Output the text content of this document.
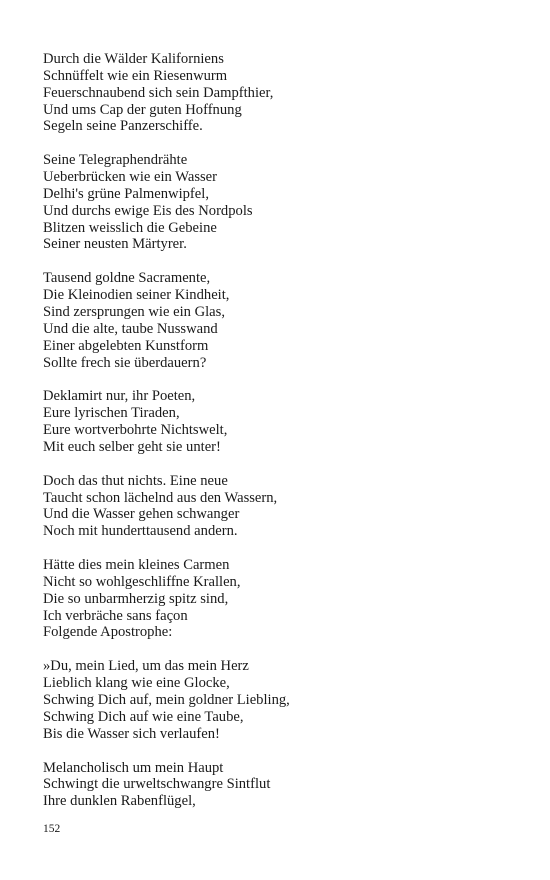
Durch die Wälder Kaliforniens
Schnüffelt wie ein Riesenwurm
Feuerschnaubend sich sein Dampfthier,
Und ums Cap der guten Hoffnung
Segeln seine Panzerschiffe.
Seine Telegraphendrähte
Ueberbrücken wie ein Wasser
Delhi's grüne Palmenwipfel,
Und durchs ewige Eis des Nordpols
Blitzen weisslich die Gebeine
Seiner neusten Märtyrer.
Tausend goldne Sacramente,
Die Kleinodien seiner Kindheit,
Sind zersprungen wie ein Glas,
Und die alte, taube Nusswand
Einer abgelebten Kunstform
Sollte frech sie überdauern?
Deklamirt nur, ihr Poeten,
Eure lyrischen Tiraden,
Eure wortverbohrte Nichtswelt,
Mit euch selber geht sie unter!
Doch das thut nichts. Eine neue
Taucht schon lächelnd aus den Wassern,
Und die Wasser gehen schwanger
Noch mit hunderttausend andern.
Hätte dies mein kleines Carmen
Nicht so wohlgeschliffne Krallen,
Die so unbarmherzig spitz sind,
Ich verbräche sans façon
Folgende Apostrophe:
»Du, mein Lied, um das mein Herz
Lieblich klang wie eine Glocke,
Schwing Dich auf, mein goldner Liebling,
Schwing Dich auf wie eine Taube,
Bis die Wasser sich verlaufen!
Melancholisch um mein Haupt
Schwingt die urweltschwangre Sintflut
Ihre dunklen Rabenflügel,
152
